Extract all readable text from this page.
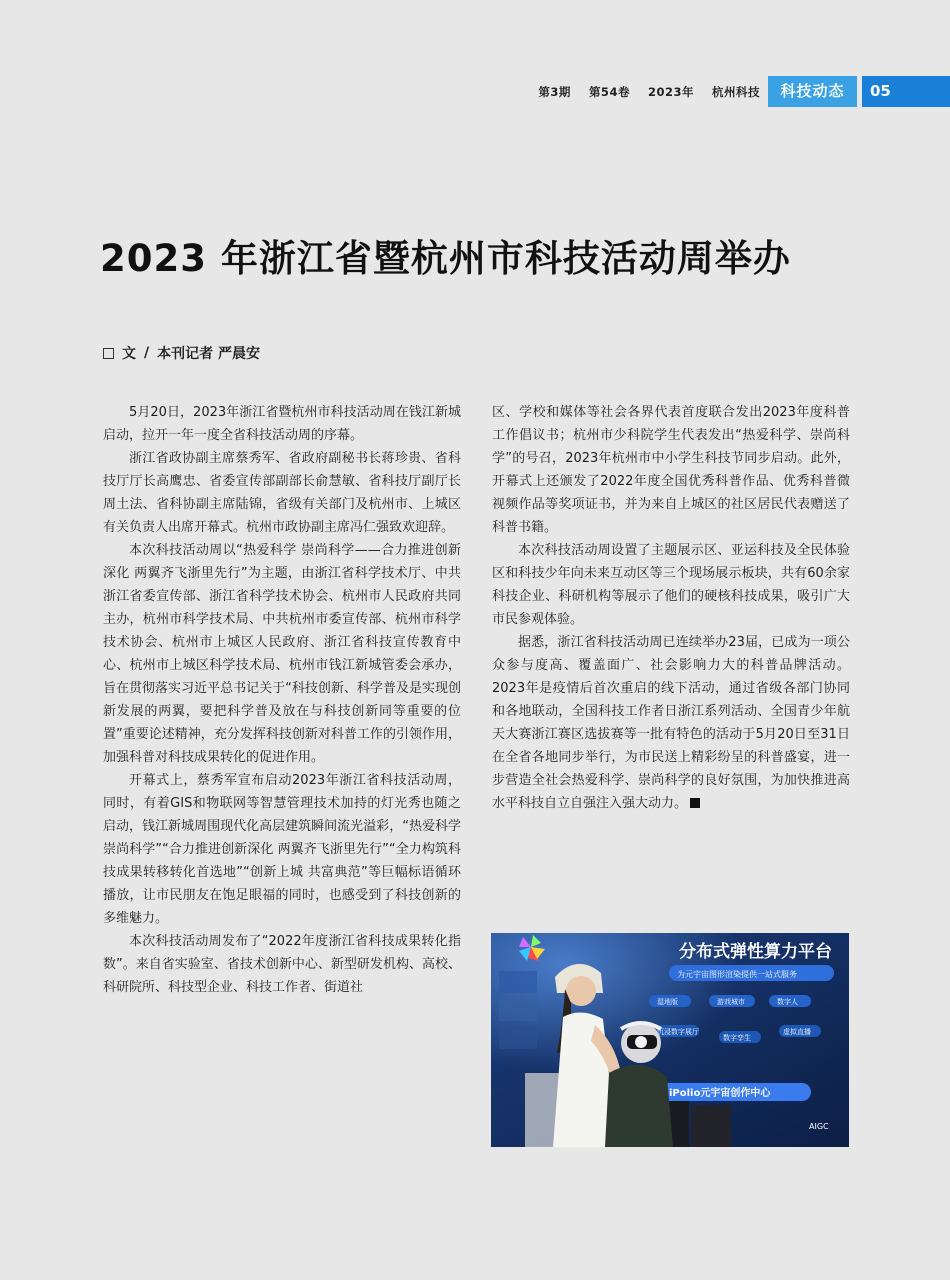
第3期 第54卷 2023年 杭州科技	科技动态	05
2023 年浙江省暨杭州市科技活动周举办
文 / 本刊记者 严晨安

5月20日，2023年浙江省暨杭州市科技活动周在钱江新城启动，拉开一年一度全省科技活动周的序幕。

浙江省政协副主席蔡秀军、省政府副秘书长蒋珍贵、省科技厅厅长高鹰忠、省委宣传部副部长俞慧敏、省科技厅副厅长周土法、省科协副主席陆锦，省级有关部门及杭州市、上城区有关负责人出席开幕式。杭州市政协副主席冯仁强致欢迎辞。

本次科技活动周以“热爱科学 崇尚科学——合力推进创新深化 两翼齐飞浙里先行”为主题，由浙江省科学技术厅、中共浙江省委宣传部、浙江省科学技术协会、杭州市人民政府共同主办，杭州市科学技术局、中共杭州市委宣传部、杭州市科学技术协会、杭州市上城区人民政府、浙江省科技宣传教育中心、杭州市上城区科学技术局、杭州市钱江新城管委会承办，旨在贯彻落实习近平总书记关于“科技创新、科学普及是实现创新发展的两翼，要把科学普及放在与科技创新同等重要的位置”重要论述精神，充分发挥科技创新对科普工作的引领作用，加强科普对科技成果转化的促进作用。

开幕式上，蔡秀军宣布启动2023年浙江省科技活动周，同时，有着GIS和物联网等智慧管理技术加持的灯光秀也随之启动，钱江新城周围现代化高层建筑瞬间流光溢彩，“热爱科学 崇尚科学”“合力推进创新深化 两翼齐飞浙里先行”“全力构筑科技成果转移转化首选地”“创新上城 共富典范”等巨幅标语循环播放，让市民朋友在饱足眼福的同时，也感受到了科技创新的多维魅力。

本次科技活动周发布了“2022年度浙江省科技成果转化指数”。来自省实验室、省技术创新中心、新型研发机构、高校、科研院所、科技型企业、科技工作者、街道社

区、学校和媒体等社会各界代表首度联合发出2023年度科普工作倡议书；杭州市少科院学生代表发出“热爱科学、崇尚科学”的号召，2023年杭州市中小学生科技节同步启动。此外，开幕式上还颁发了2022年度全国优秀科普作品、优秀科普微视频作品等奖项证书，并为来自上城区的社区居民代表赠送了科普书籍。

本次科技活动周设置了主题展示区、亚运科技及全民体验区和科技少年向未来互动区等三个现场展示板块，共有60余家科技企业、科研机构等展示了他们的硬核科技成果，吸引广大市民参观体验。

据悉，浙江省科技活动周已连续举办23届，已成为一项公众参与度高、覆盖面广、社会影响力大的科普品牌活动。2023年是疫情后首次重启的线下活动，通过省级各部门协同和各地联动，全国科技工作者日浙江系列活动、全国青少年航天大赛浙江赛区选拔赛等一批有特色的活动于5月20日至31日在全省各地同步举行，为市民送上精彩纷呈的科普盛宴，进一步营造全社会热爱科学、崇尚科学的良好氛围，为加快推进高水平科技自立自强注入强大动力。

分布式弹性算力平台
为元宇宙图形渲染提供一站式服务
湿地版	游戏城市	数字人
沉浸数字展厅
数字孪生
虚拟直播
iPolio元宇宙创作中心
AIGC
